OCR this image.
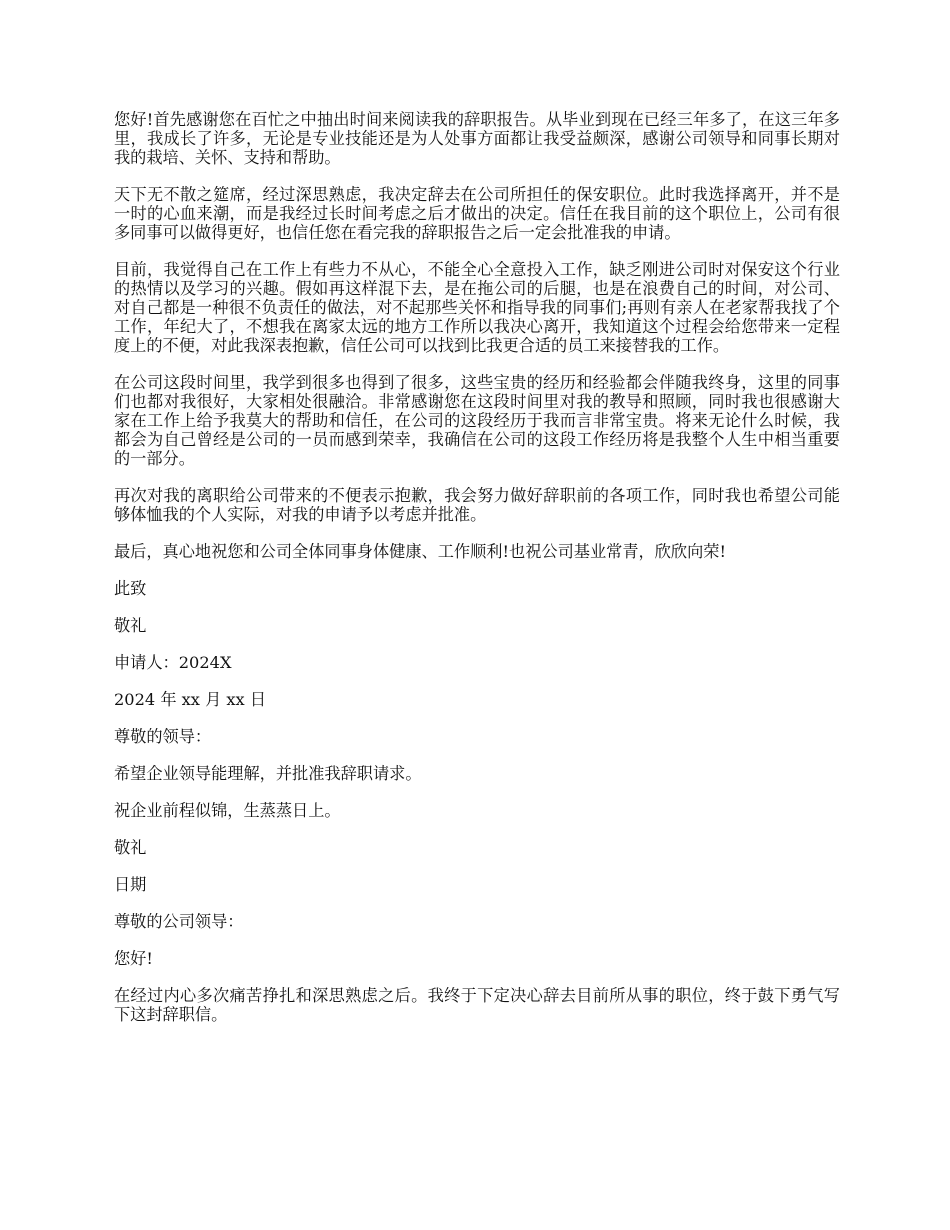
您好!首先感谢您在百忙之中抽出时间来阅读我的辞职报告。从毕业到现在已经三年多了，在这三年多里，我成长了许多，无论是专业技能还是为人处事方面都让我受益颇深，感谢公司领导和同事长期对我的栽培、关怀、支持和帮助。

天下无不散之筵席，经过深思熟虑，我决定辞去在公司所担任的保安职位。此时我选择离开，并不是一时的心血来潮，而是我经过长时间考虑之后才做出的决定。信任在我目前的这个职位上，公司有很多同事可以做得更好，也信任您在看完我的辞职报告之后一定会批准我的申请。

目前，我觉得自己在工作上有些力不从心，不能全心全意投入工作，缺乏刚进公司时对保安这个行业的热情以及学习的兴趣。假如再这样混下去，是在拖公司的后腿，也是在浪费自己的时间，对公司、对自己都是一种很不负责任的做法，对不起那些关怀和指导我的同事们;再则有亲人在老家帮我找了个工作，年纪大了，不想我在离家太远的地方工作所以我决心离开，我知道这个过程会给您带来一定程度上的不便，对此我深表抱歉，信任公司可以找到比我更合适的员工来接替我的工作。

在公司这段时间里，我学到很多也得到了很多，这些宝贵的经历和经验都会伴随我终身，这里的同事们也都对我很好，大家相处很融洽。非常感谢您在这段时间里对我的教导和照顾，同时我也很感谢大家在工作上给予我莫大的帮助和信任，在公司的这段经历于我而言非常宝贵。将来无论什么时候，我都会为自己曾经是公司的一员而感到荣幸，我确信在公司的这段工作经历将是我整个人生中相当重要的一部分。

再次对我的离职给公司带来的不便表示抱歉，我会努力做好辞职前的各项工作，同时我也希望公司能够体恤我的个人实际，对我的申请予以考虑并批准。

最后，真心地祝您和公司全体同事身体健康、工作顺利!也祝公司基业常青，欣欣向荣!

此致

敬礼

申请人：2024X

2024 年 xx 月 xx 日

尊敬的领导：

希望企业领导能理解，并批准我辞职请求。

祝企业前程似锦，生蒸蒸日上。

敬礼

日期

尊敬的公司领导：

您好!

在经过内心多次痛苦挣扎和深思熟虑之后。我终于下定决心辞去目前所从事的职位，终于鼓下勇气写下这封辞职信。
